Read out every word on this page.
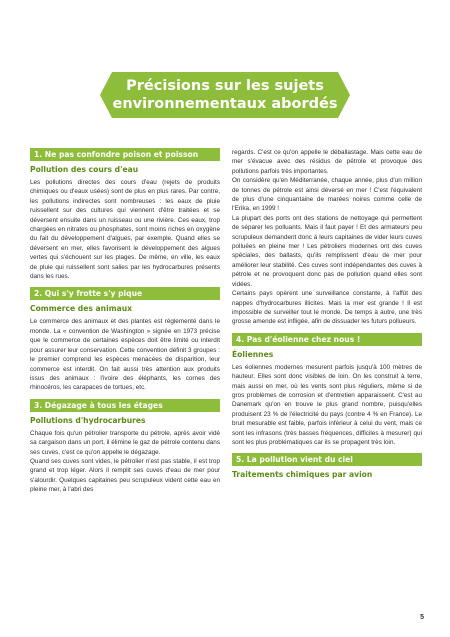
Précisions sur les sujets
environnementaux abordés
1. Ne pas confondre poison et poisson
Pollution des cours d'eau

Les pollutions directes des cours d'eau (rejets de produits chimiques ou d'eaux usées) sont de plus en plus rares. Par contre, les pollutions indirectes sont nombreuses : les eaux de pluie ruissellent sur des cultures qui viennent d'être traitées et se déversent ensuite dans un ruisseau ou une rivière. Ces eaux, trop chargées en nitrates ou phosphates, sont moins riches en oxygène du fait du développement d'algues, par exemple. Quand elles se déversent en mer, elles favorisent le développement des algues vertes qui s'échouent sur les plages. De même, en ville, les eaux de pluie qui ruissellent sont salies par les hydrocarbures présents dans les rues.

2. Qui s'y frotte s'y pique
Commerce des animaux

Le commerce des animaux et des plantes est réglementé dans le monde. La « convention de Washington » signée en 1973 précise que le commerce de certaines espèces doit être limité ou interdit pour assurer leur conservation. Cette convention définit 3 groupes : le premier comprend les espèces menacées de disparition, leur commerce est interdit. On fait aussi très attention aux produits issus des animaux : l'ivoire des éléphants, les cornes des rhinocéros, les carapaces de tortues, etc.

3. Dégazage à tous les étages
Pollutions d'hydrocarbures

Chaque fois qu'un pétrolier transporte du pétrole, après avoir vidé sa cargaison dans un port, il élimine le gaz de pétrole contenu dans ses cuves, c'est ce qu'on appelle le dégazage.

Quand ses cuves sont vides, le pétrolier n'est pas stable, il est trop grand et trop léger. Alors il remplit ses cuves d'eau de mer pour s'alourdir. Quelques capitaines peu scrupuleux vident cette eau en pleine mer, à l'abri des

regards. C'est ce qu'on appelle le déballastage. Mais cette eau de mer s'évacue avec des résidus de pétrole et provoque des pollutions parfois très importantes.

On considère qu'en Méditerranée, chaque année, plus d'un million de tonnes de pétrole est ainsi déversé en mer ! C'est l'équivalent de plus d'une cinquantaine de marées noires comme celle de l'Erika, en 1999 !

La plupart des ports ont des stations de nettoyage qui permettent de séparer les polluants. Mais il faut payer ! Et des armateurs peu scrupuleux demandent donc à leurs capitaines de vider leurs cuves polluées en pleine mer ! Les pétroliers modernes ont des cuves spéciales, des ballasts, qu'ils remplissent d'eau de mer pour améliorer leur stabilité. Ces cuves sont indépendantes des cuves à pétrole et ne provoquent donc pas de pollution quand elles sont vidées.

Certains pays opèrent une surveillance constante, à l'affût des nappes d'hydrocarbures illicites. Mais la mer est grande ! Il est impossible de surveiller tout le monde. De temps à autre, une très grosse amende est infligée, afin de dissuader les futurs pollueurs.

4. Pas d'éolienne chez nous !
Éoliennes

Les éoliennes modernes mesurent parfois jusqu'à 100 mètres de hauteur. Elles sont donc visibles de loin. On les construit à terre, mais aussi en mer, où les vents sont plus réguliers, même si de gros problèmes de corrosion et d'entretien apparaissent. C'est au Danemark qu'on en trouve le plus grand nombre, puisqu'elles produisent 23 % de l'électricité du pays (contre 4 % en France). Le bruit mesurable est faible, parfois inférieur à celui du vent, mais ce sont les infrasons (très basses fréquences, difficiles à mesurer) qui sont les plus problématiques car ils se propagent très loin.

5. La pollution vient du ciel
Traitements chimiques par avion
5
